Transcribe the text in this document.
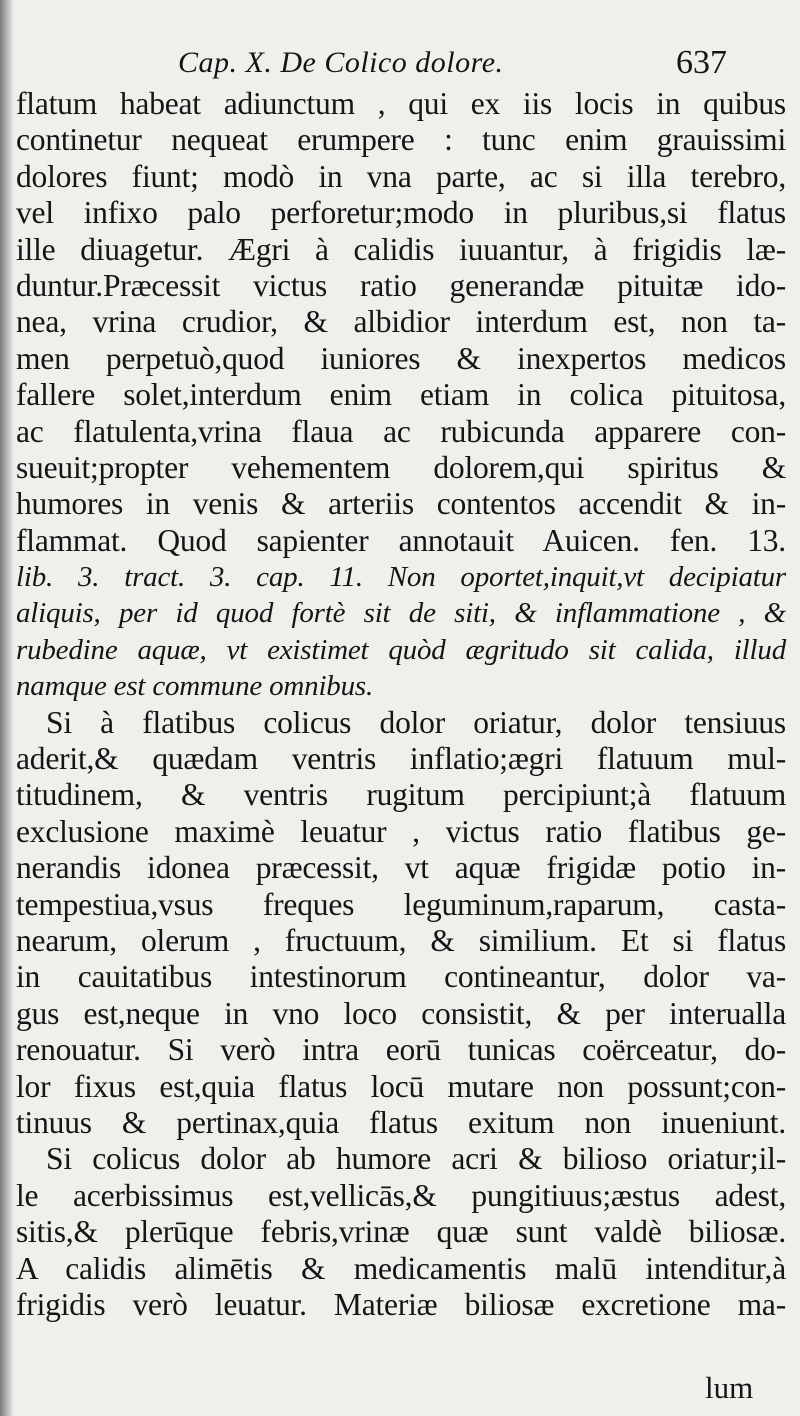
Cap. X. De Colico dolore.	637
flatum habeat adiunctum , qui ex iis locis in quibus
continetur nequeat erumpere : tunc enim grauissimi
dolores fiunt; modò in vna parte, ac si illa terebro,
vel infixo palo perforetur;modo in pluribus,si flatus
ille diuagetur. Ægri à calidis iuuantur, à frigidis læ-
duntur.Præcessit victus ratio generandæ pituitæ ido-
nea, vrina crudior, & albidior interdum est, non ta-
men perpetuò,quod iuniores & inexpertos medicos
fallere solet,interdum enim etiam in colica pituitosa,
ac flatulenta,vrina flaua ac rubicunda apparere con-
sueuit;propter vehementem dolorem,qui spiritus &
humores in venis & arteriis contentos accendit & in-
flammat. Quod sapienter annotauit Auicen. fen. 13.
lib. 3. tract. 3. cap. 11. Non oportet,inquit,vt decipiatur
aliquis, per id quod fortè sit de siti, & inflammatione , &
rubedine aquæ, vt existimet quòd ægritudo sit calida, illud
namque est commune omnibus.
Si à flatibus colicus dolor oriatur, dolor tensiuus
aderit,& quædam ventris inflatio;ægri flatuum mul-
titudinem, & ventris rugitum percipiunt;à flatuum
exclusione maximè leuatur , victus ratio flatibus ge-
nerandis idonea præcessit, vt aquæ frigidæ potio in-
tempestiua,vsus freques leguminum,raparum, casta-
nearum, olerum , fructuum, & similium. Et si flatus
in cauitatibus intestinorum contineantur, dolor va-
gus est,neque in vno loco consistit, & per interualla
renouatur. Si verò intra eorū tunicas coërceatur, do-
lor fixus est,quia flatus locū mutare non possunt;con-
tinuus & pertinax,quia flatus exitum non inueniunt.
Si colicus dolor ab humore acri & bilioso oriatur;il-
le acerbissimus est,vellicās,& pungitiuus;æstus adest,
sitis,& plerūque febris,vrinæ quæ sunt valdè biliosæ.
A calidis alimētis & medicamentis malū intenditur,à
frigidis verò leuatur. Materiæ biliosæ excretione ma-
lum
